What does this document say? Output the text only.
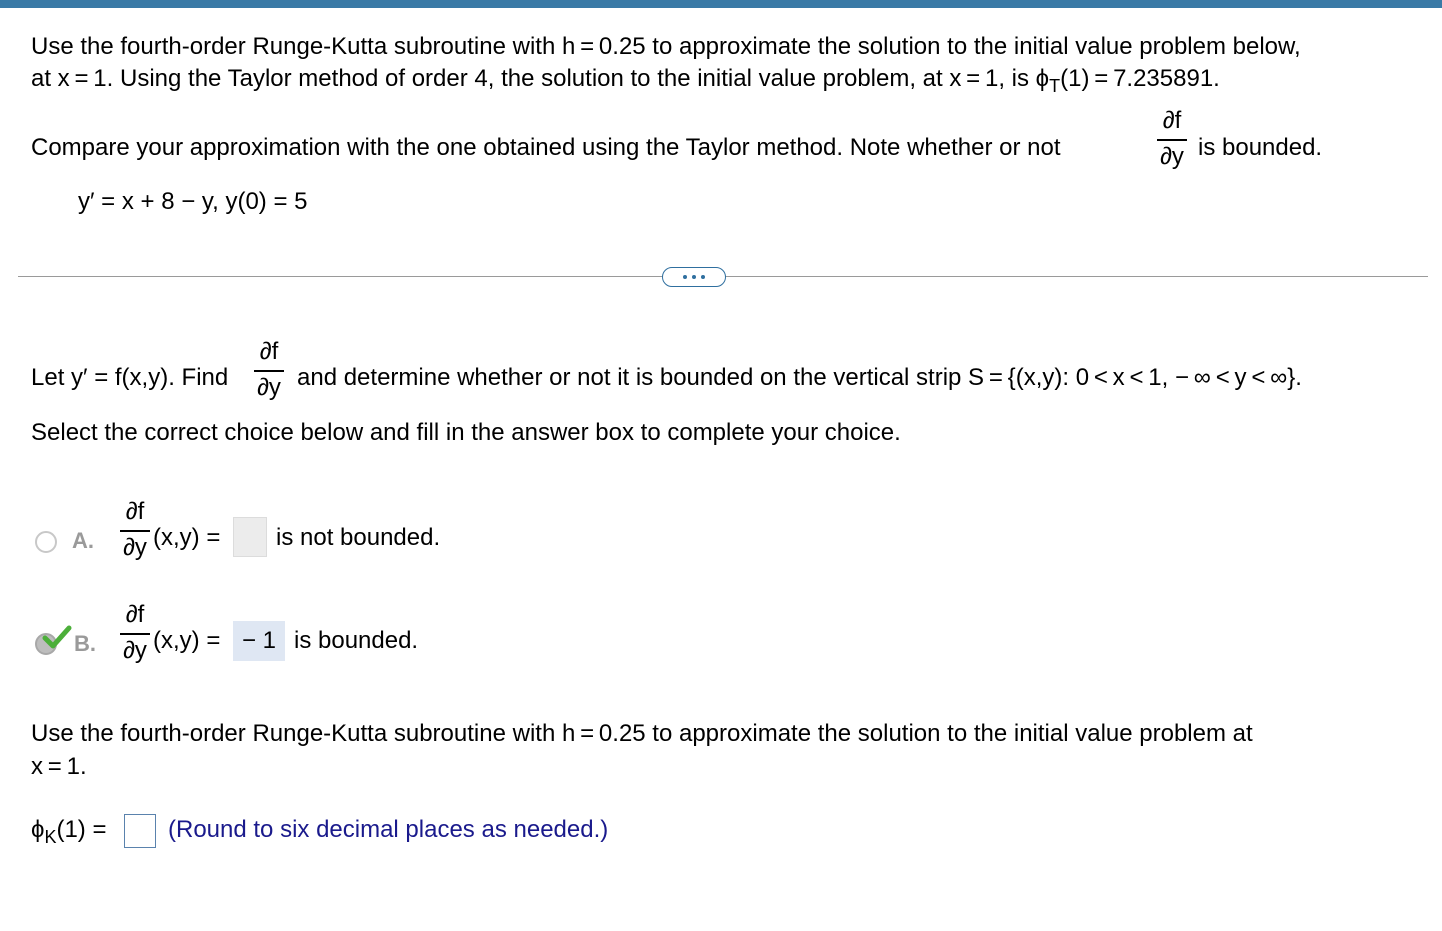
Use the fourth-order Runge-Kutta subroutine with h = 0.25 to approximate the solution to the initial value problem below,
at x = 1. Using the Taylor method of order 4, the solution to the initial value problem, at x = 1, is $\phi_T(1) = 7.235891$.
Compare your approximation with the one obtained using the Taylor method. Note whether or not
∂f
∂y is bounded.
y′ = x + 8 − y, y(0) = 5
Let y′ = f(x,y). Find
∂f
∂y and determine whether or not it is bounded on the vertical strip S = {(x,y): 0 < x < 1, − ∞ < y < ∞}.
Select the correct choice below and fill in the answer box to complete your choice.
A.
∂f
∂y (x,y) = is not bounded.
B.
∂f
∂y (x,y) = − 1 is bounded.
Use the fourth-order Runge-Kutta subroutine with h = 0.25 to approximate the solution to the initial value problem at
x = 1.
$\phi_K(1)$ =	(Round to six decimal places as needed.)
